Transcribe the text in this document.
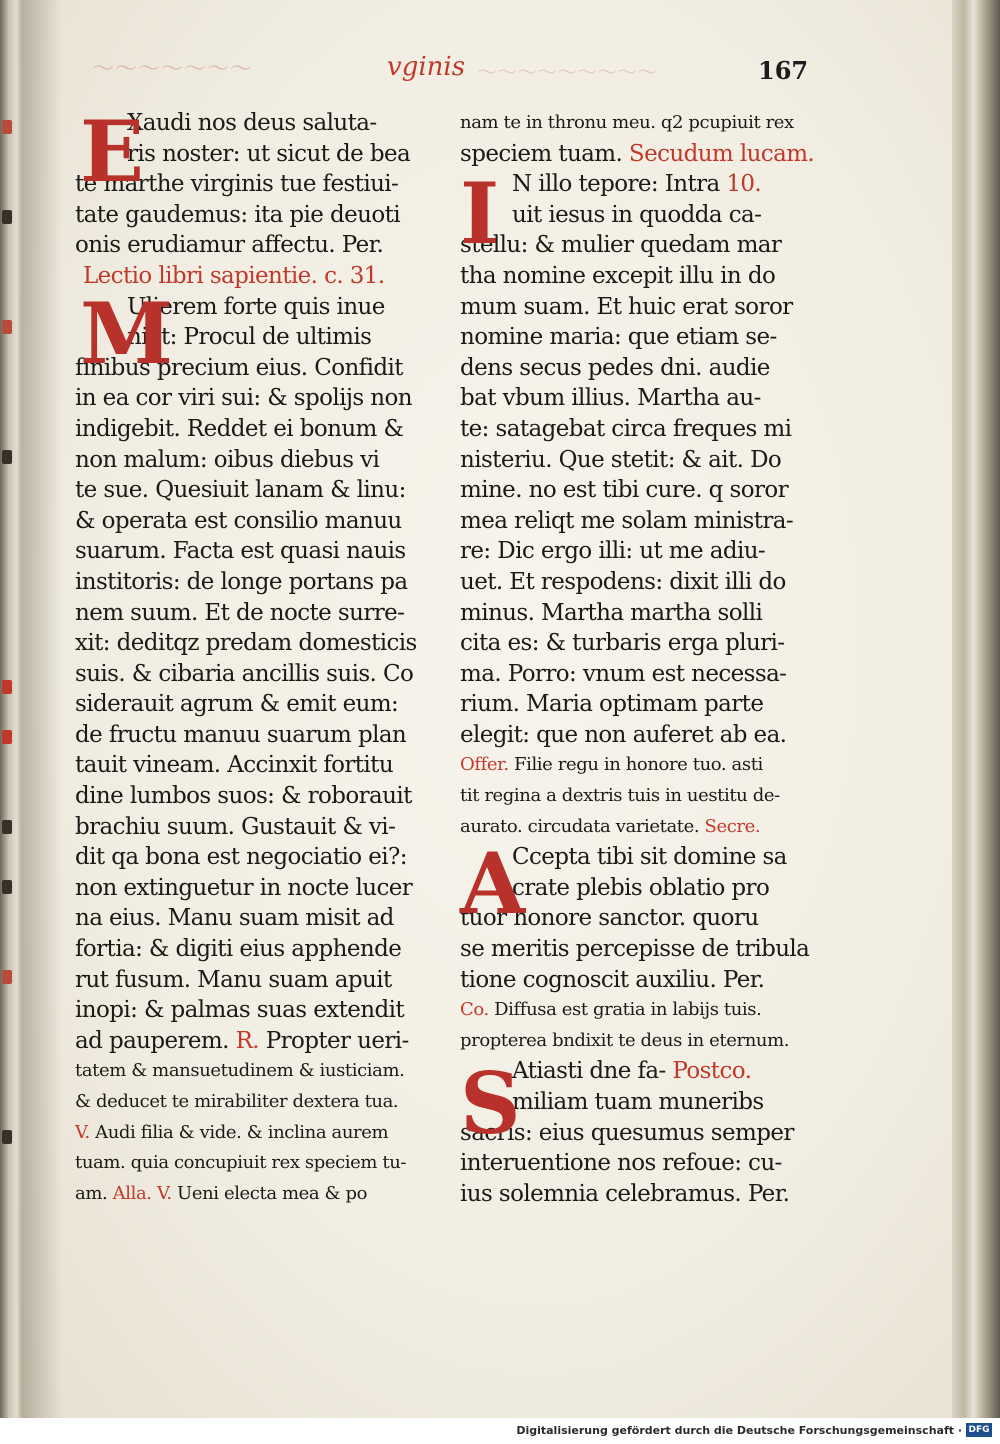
〜〜〜〜〜〜〜	vginis 〜〜〜〜〜〜〜〜〜	167
Xaudi nos deus saluta-
ris noster: ut sicut de bea
te marthe virginis tue festiui-
tate gaudemus: ita pie deuoti
onis erudiamur affectu. Per.
Lectio libri sapientie. c. 31.
Ulierem forte quis inue
niet: Procul de ultimis
finibus precium eius. Confidit
in ea cor viri sui: & spolijs non
indigebit. Reddet ei bonum &
non malum: oibus diebus vi
te sue. Quesiuit lanam & linu:
& operata est consilio manuu
suarum. Facta est quasi nauis
institoris: de longe portans pa
nem suum. Et de nocte surre-
xit: deditqz predam domesticis
suis. & cibaria ancillis suis. Co
siderauit agrum & emit eum:
de fructu manuu suarum plan
tauit vineam. Accinxit fortitu
dine lumbos suos: & roborauit
brachiu suum. Gustauit & vi-
dit qa bona est negociatio ei?:
non extinguetur in nocte lucer
na eius. Manu suam misit ad
fortia: & digiti eius apphende
rut fusum. Manu suam apuit
inopi: & palmas suas extendit
ad pauperem. R. Propter ueri-
tatem & mansuetudinem & iusticiam.
& deducet te mirabiliter dextera tua.
V. Audi filia & vide. & inclina aurem
tuam. quia concupiuit rex speciem tu-
am. Alla. V. Ueni electa mea & po
E
M
nam te in thronu meu. q2 pcupiuit rex
speciem tuam. Secudum lucam.
N illo tepore: Intra 10.
uit iesus in quodda ca-
stellu: & mulier quedam mar
tha nomine excepit illu in do
mum suam. Et huic erat soror
nomine maria: que etiam se-
dens secus pedes dni. audie
bat vbum illius. Martha au-
te: satagebat circa freques mi
nisteriu. Que stetit: & ait. Do
mine. no est tibi cure. q soror
mea reliqt me solam ministra-
re: Dic ergo illi: ut me adiu-
uet. Et respodens: dixit illi do
minus. Martha martha solli
cita es: & turbaris erga pluri-
ma. Porro: vnum est necessa-
rium. Maria optimam parte
elegit: que non auferet ab ea.
Offer. Filie regu in honore tuo. asti
tit regina a dextris tuis in uestitu de-
aurato. circudata varietate. Secre.
Ccepta tibi sit domine sa
crate plebis oblatio pro
tuor honore sanctor. quoru
se meritis percepisse de tribula
tione cognoscit auxiliu. Per.
Co. Diffusa est gratia in labijs tuis.
propterea bndixit te deus in eternum.
Atiasti dne fa- Postco.
miliam tuam muneribs
sacris: eius quesumus semper
interuentione nos refoue: cu-
ius solemnia celebramus. Per.
I
A
S
Digitalisierung gefördert durch die Deutsche Forschungsgemeinschaft · DFG
